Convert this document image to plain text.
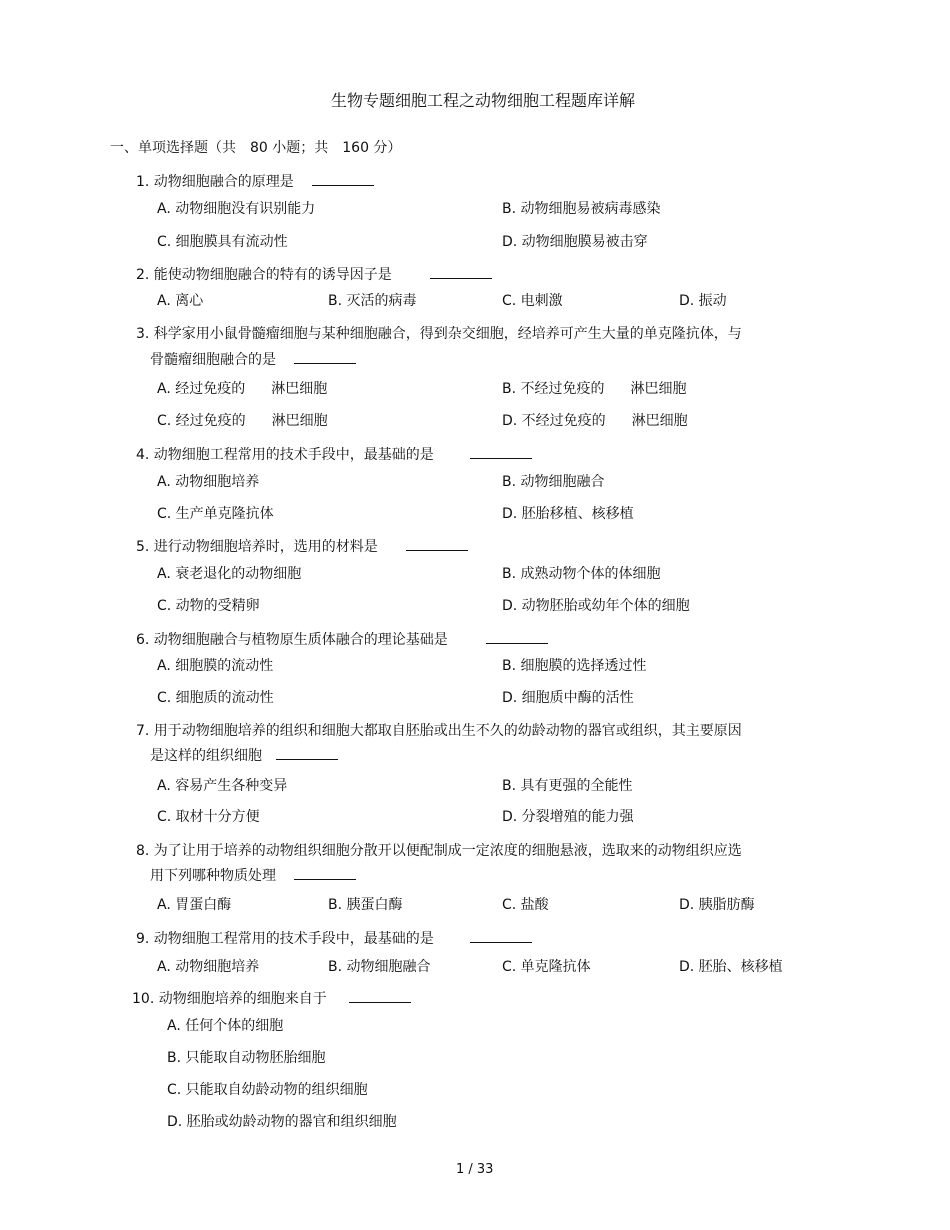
生物专题细胞工程之动物细胞工程题库详解
一、单项选择题（共　80 小题；共　160 分）
1. 动物细胞融合的原理是
A. 动物细胞没有识别能力	B. 动物细胞易被病毒感染
C. 细胞膜具有流动性	D. 动物细胞膜易被击穿
2. 能使动物细胞融合的特有的诱导因子是
A. 离心	B. 灭活的病毒	C. 电刺激	D. 振动
3. 科学家用小鼠骨髓瘤细胞与某种细胞融合，得到杂交细胞，经培养可产生大量的单克隆抗体，与
骨髓瘤细胞融合的是
A. 经过免疫的 淋巴细胞	B. 不经过免疫的 淋巴细胞
C. 经过免疫的 淋巴细胞	D. 不经过免疫的 淋巴细胞
4. 动物细胞工程常用的技术手段中，最基础的是
A. 动物细胞培养	B. 动物细胞融合
C. 生产单克隆抗体	D. 胚胎移植、核移植
5. 进行动物细胞培养时，选用的材料是
A. 衰老退化的动物细胞	B. 成熟动物个体的体细胞
C. 动物的受精卵	D. 动物胚胎或幼年个体的细胞
6. 动物细胞融合与植物原生质体融合的理论基础是
A. 细胞膜的流动性	B. 细胞膜的选择透过性
C. 细胞质的流动性	D. 细胞质中酶的活性
7. 用于动物细胞培养的组织和细胞大都取自胚胎或出生不久的幼龄动物的器官或组织，其主要原因
是这样的组织细胞
A. 容易产生各种变异	B. 具有更强的全能性
C. 取材十分方便	D. 分裂增殖的能力强
8. 为了让用于培养的动物组织细胞分散开以便配制成一定浓度的细胞悬液，选取来的动物组织应选
用下列哪种物质处理
A. 胃蛋白酶	B. 胰蛋白酶	C. 盐酸	D. 胰脂肪酶
9. 动物细胞工程常用的技术手段中，最基础的是
A. 动物细胞培养	B. 动物细胞融合	C. 单克隆抗体	D. 胚胎、核移植
10. 动物细胞培养的细胞来自于
A. 任何个体的细胞
B. 只能取自动物胚胎细胞
C. 只能取自幼龄动物的组织细胞
D. 胚胎或幼龄动物的器官和组织细胞
1 / 33
